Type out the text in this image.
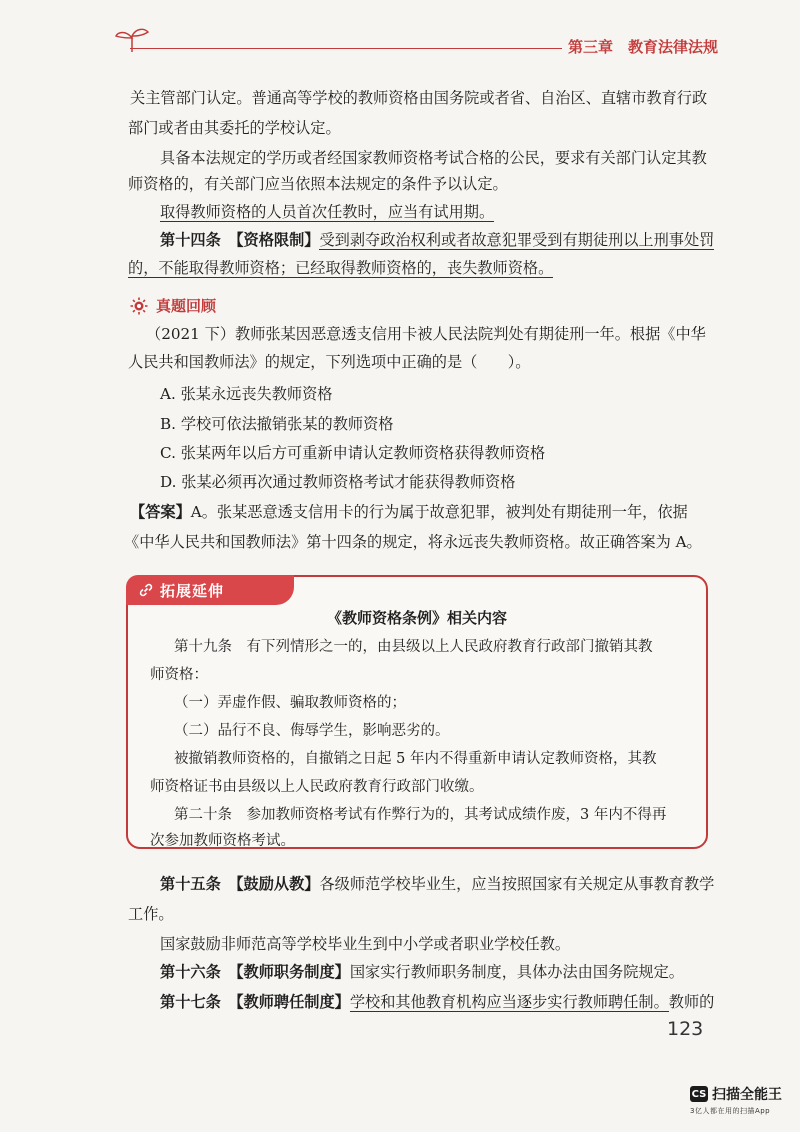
第三章　教育法律法规
关主管部门认定。普通高等学校的教师资格由国务院或者省、自治区、直辖市教育行政
部门或者由其委托的学校认定。
具备本法规定的学历或者经国家教师资格考试合格的公民，要求有关部门认定其教
师资格的，有关部门应当依照本法规定的条件予以认定。
取得教师资格的人员首次任教时，应当有试用期。
第十四条　【资格限制】受到剥夺政治权利或者故意犯罪受到有期徒刑以上刑事处罚
的，不能取得教师资格；已经取得教师资格的，丧失教师资格。
真题回顾
（2021 下）教师张某因恶意透支信用卡被人民法院判处有期徒刑一年。根据《中华
人民共和国教师法》的规定，下列选项中正确的是（　　）。
A. 张某永远丧失教师资格
B. 学校可依法撤销张某的教师资格
C. 张某两年以后方可重新申请认定教师资格获得教师资格
D. 张某必须再次通过教师资格考试才能获得教师资格
【答案】A。张某恶意透支信用卡的行为属于故意犯罪，被判处有期徒刑一年，依据
《中华人民共和国教师法》第十四条的规定，将永远丧失教师资格。故正确答案为 A。
拓展延伸
《教师资格条例》相关内容
第十九条　有下列情形之一的，由县级以上人民政府教育行政部门撤销其教
师资格：
（一）弄虚作假、骗取教师资格的；
（二）品行不良、侮辱学生，影响恶劣的。
被撤销教师资格的，自撤销之日起 5 年内不得重新申请认定教师资格，其教
师资格证书由县级以上人民政府教育行政部门收缴。
第二十条　参加教师资格考试有作弊行为的，其考试成绩作废，3 年内不得再
次参加教师资格考试。
第十五条　【鼓励从教】各级师范学校毕业生，应当按照国家有关规定从事教育教学
工作。
国家鼓励非师范高等学校毕业生到中小学或者职业学校任教。
第十六条　【教师职务制度】国家实行教师职务制度，具体办法由国务院规定。
第十七条　【教师聘任制度】学校和其他教育机构应当逐步实行教师聘任制。教师的
123
CS 扫描全能王
3亿人都在用的扫描App
